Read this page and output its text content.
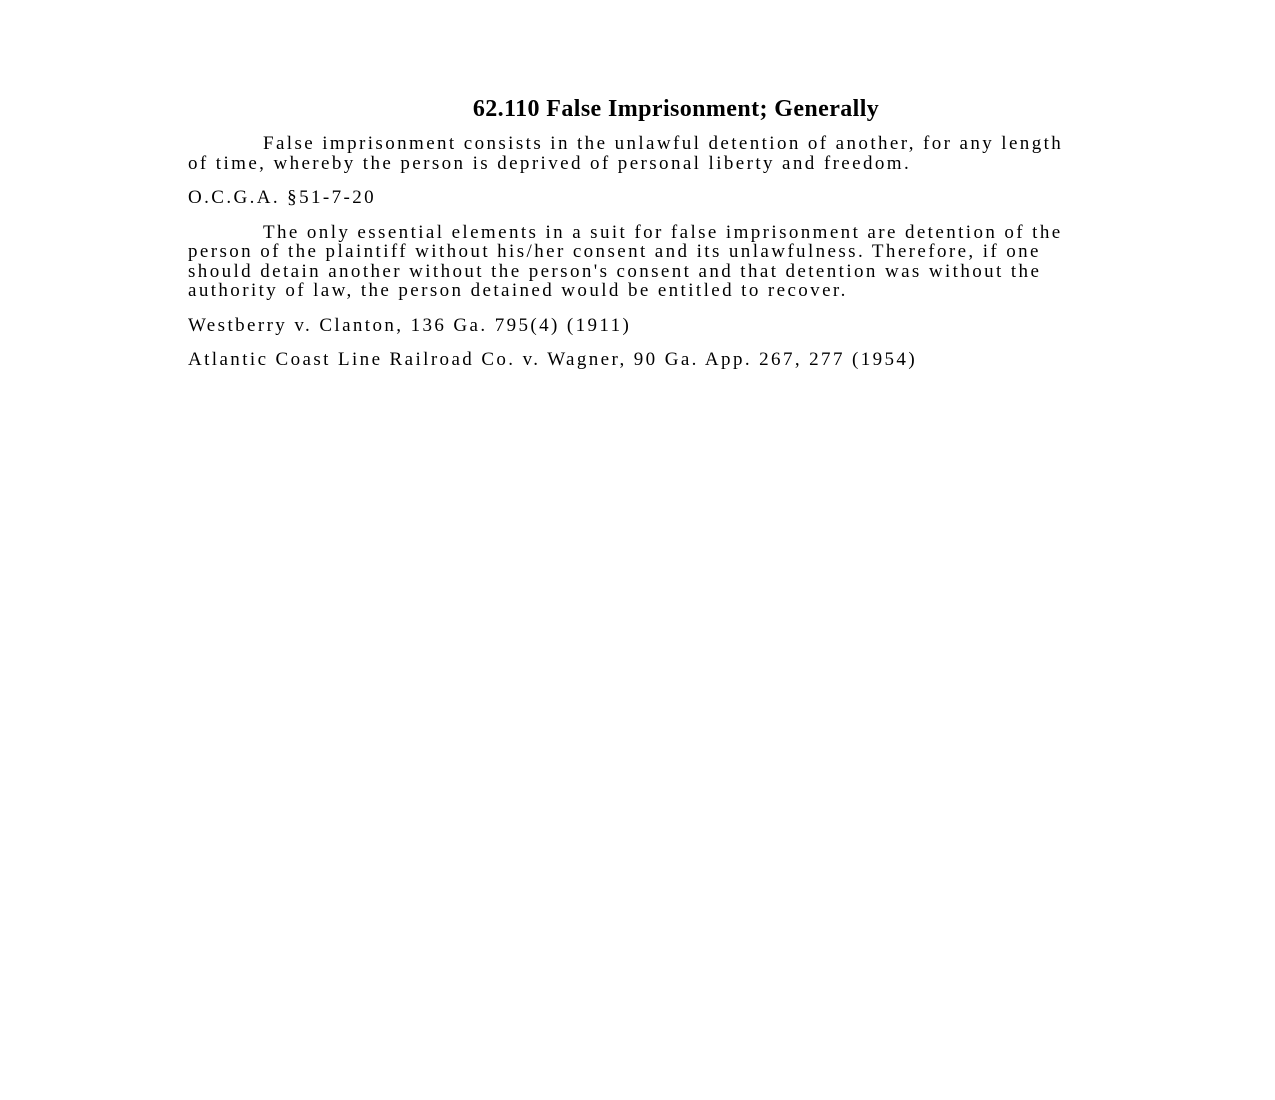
62.110 False Imprisonment; Generally
False imprisonment consists in the unlawful detention of another, for any length
of time, whereby the person is deprived of personal liberty and freedom.
O.C.G.A. §51-7-20
The only essential elements in a suit for false imprisonment are detention of the
person of the plaintiff without his/her consent and its unlawfulness. Therefore, if one
should detain another without the person's consent and that detention was without the
authority of law, the person detained would be entitled to recover.
Westberry v. Clanton, 136 Ga. 795(4) (1911)
Atlantic Coast Line Railroad Co. v. Wagner, 90 Ga. App. 267, 277 (1954)
